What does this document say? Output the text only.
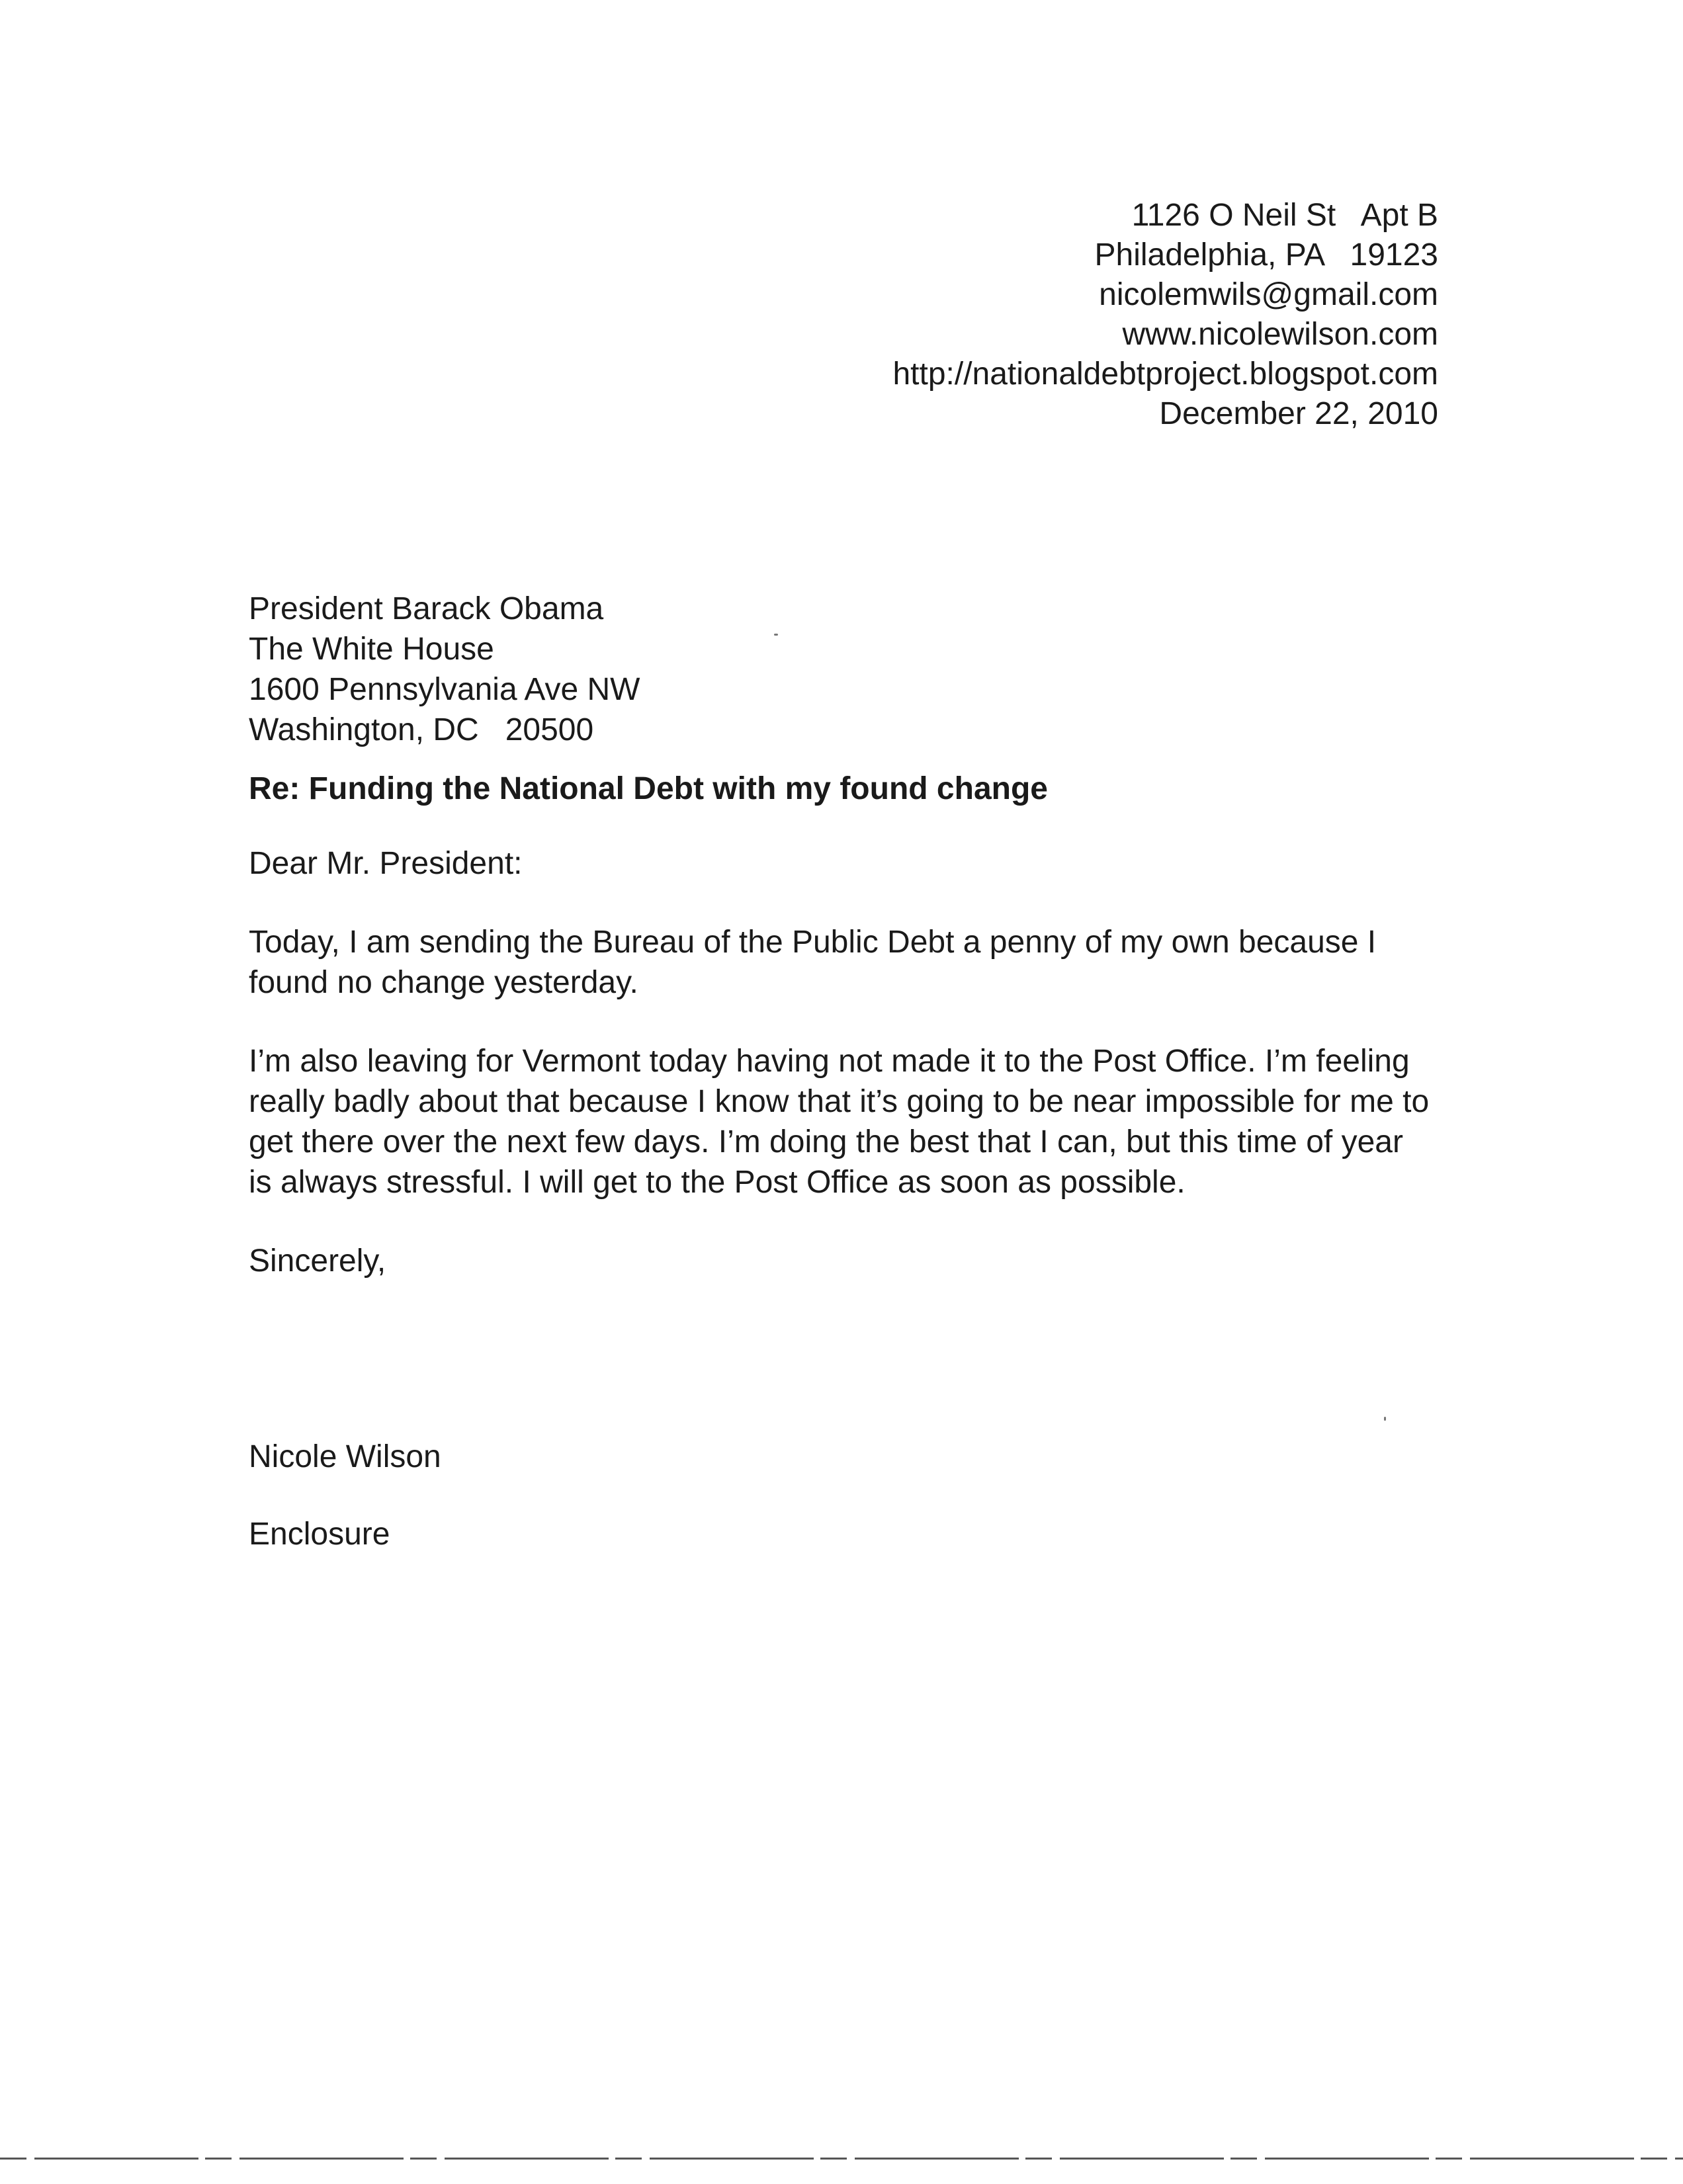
1126 O Neil St   Apt B
Philadelphia, PA   19123
nicolemwils@gmail.com
www.nicolewilson.com
http://nationaldebtproject.blogspot.com
December 22, 2010
President Barack Obama
The White House
1600 Pennsylvania Ave NW
Washington, DC   20500
Re: Funding the National Debt with my found change
Dear Mr. President:
Today, I am sending the Bureau of the Public Debt a penny of my own because I found no change yesterday.
I’m also leaving for Vermont today having not made it to the Post Office. I’m feeling really badly about that because I know that it’s going to be near impossible for me to get there over the next few days. I’m doing the best that I can, but this time of year is always stressful. I will get to the Post Office as soon as possible.
Sincerely,
Nicole Wilson
Enclosure
